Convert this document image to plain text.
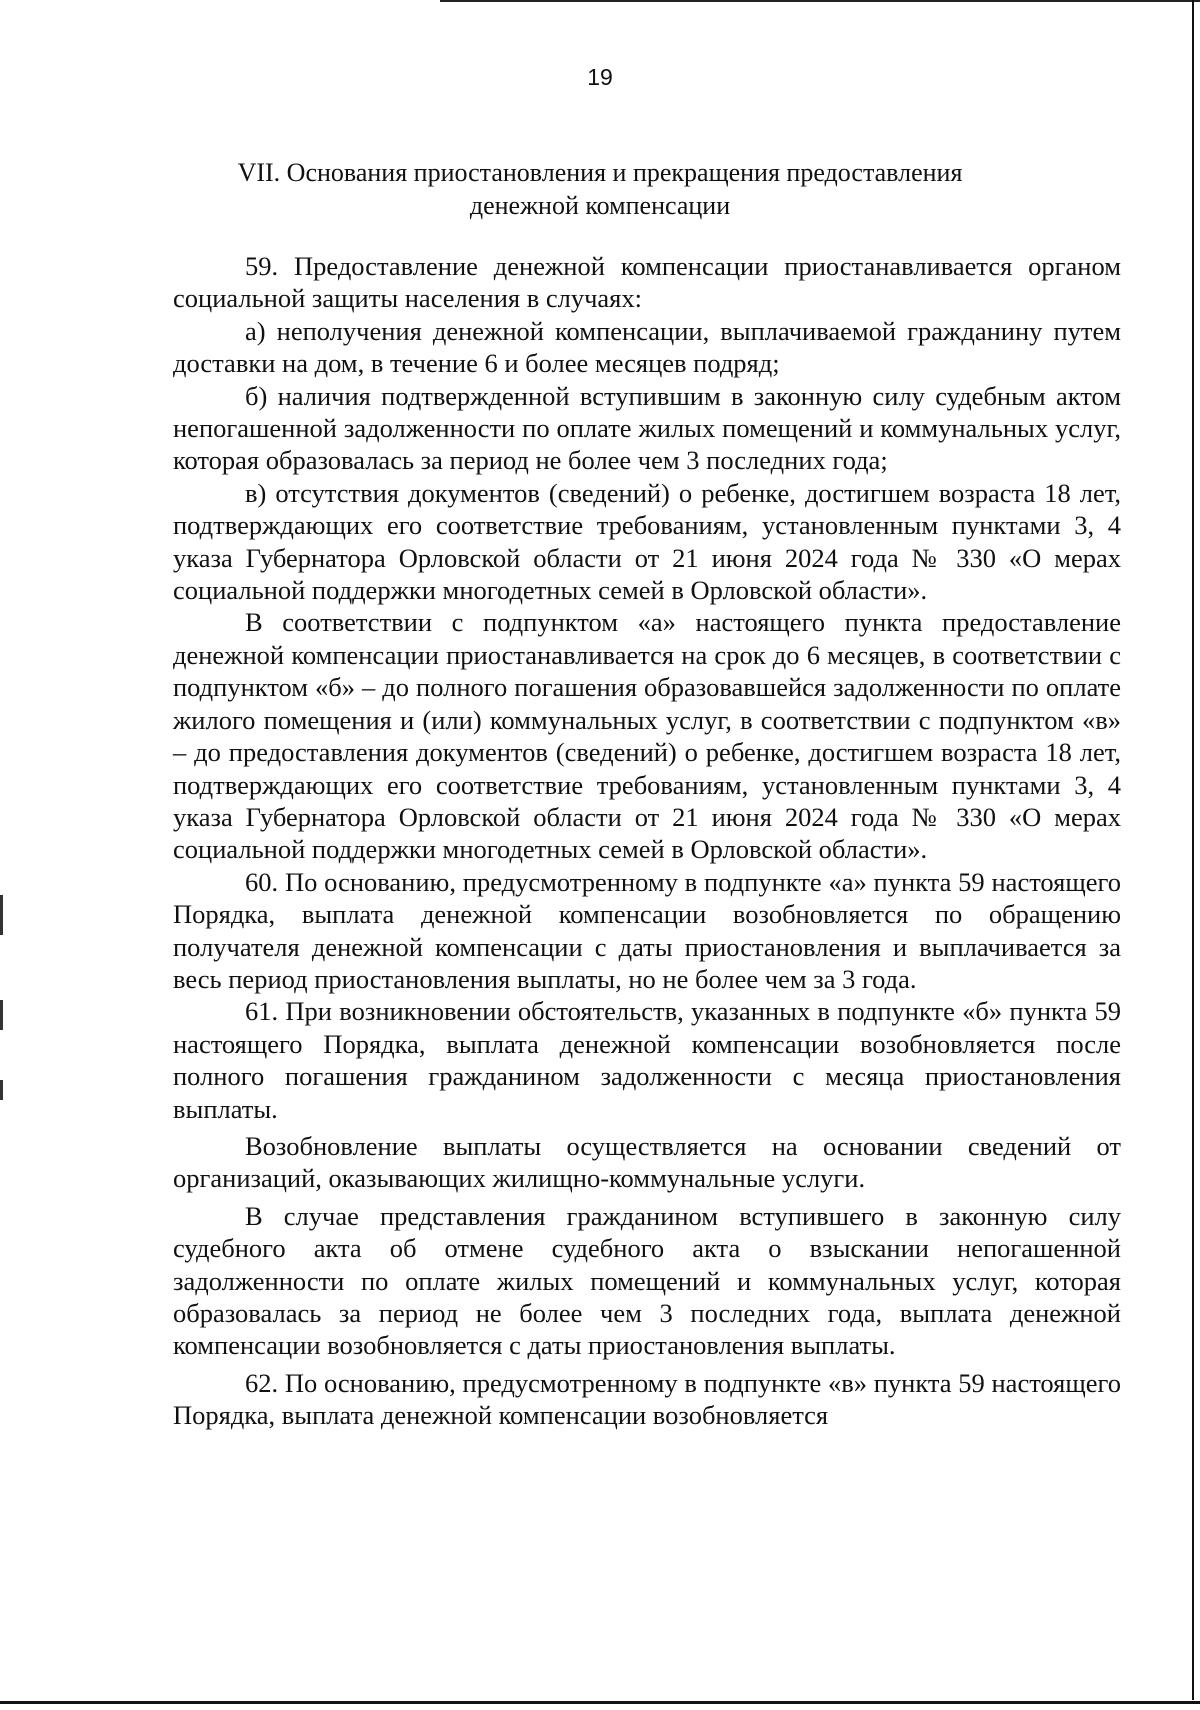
19
VII. Основания приостановления и прекращения предоставления
денежной компенсации

59. Предоставление денежной компенсации приостанавливается органом социальной защиты населения в случаях:

а) неполучения денежной компенсации, выплачиваемой гражданину путем доставки на дом, в течение 6 и более месяцев подряд;

б) наличия подтвержденной вступившим в законную силу судебным актом непогашенной задолженности по оплате жилых помещений и коммунальных услуг, которая образовалась за период не более чем 3 последних года;

в) отсутствия документов (сведений) о ребенке, достигшем возраста 18 лет, подтверждающих его соответствие требованиям, установленным пунктами 3, 4 указа Губернатора Орловской области от 21 июня 2024 года № 330 «О мерах социальной поддержки многодетных семей в Орловской области».

В соответствии с подпунктом «а» настоящего пункта предоставление денежной компенсации приостанавливается на срок до 6 месяцев, в соответствии с подпунктом «б» – до полного погашения образовавшейся задолженности по оплате жилого помещения и (или) коммунальных услуг, в соответствии с подпунктом «в» – до предоставления документов (сведений) о ребенке, достигшем возраста 18 лет, подтверждающих его соответствие требованиям, установленным пунктами 3, 4 указа Губернатора Орловской области от 21 июня 2024 года № 330 «О мерах социальной поддержки многодетных семей в Орловской области».

60. По основанию, предусмотренному в подпункте «а» пункта 59 настоящего Порядка, выплата денежной компенсации возобновляется по обращению получателя денежной компенсации с даты приостановления и выплачивается за весь период приостановления выплаты, но не более чем за 3 года.

61. При возникновении обстоятельств, указанных в подпункте «б» пункта 59 настоящего Порядка, выплата денежной компенсации возобновляется после полного погашения гражданином задолженности с месяца приостановления выплаты.

Возобновление выплаты осуществляется на основании сведений от организаций, оказывающих жилищно-коммунальные услуги.

В случае представления гражданином вступившего в законную силу судебного акта об отмене судебного акта о взыскании непогашенной задолженности по оплате жилых помещений и коммунальных услуг, которая образовалась за период не более чем 3 последних года, выплата денежной компенсации возобновляется с даты приостановления выплаты.

62. По основанию, предусмотренному в подпункте «в» пункта 59 настоящего Порядка, выплата денежной компенсации возобновляется
